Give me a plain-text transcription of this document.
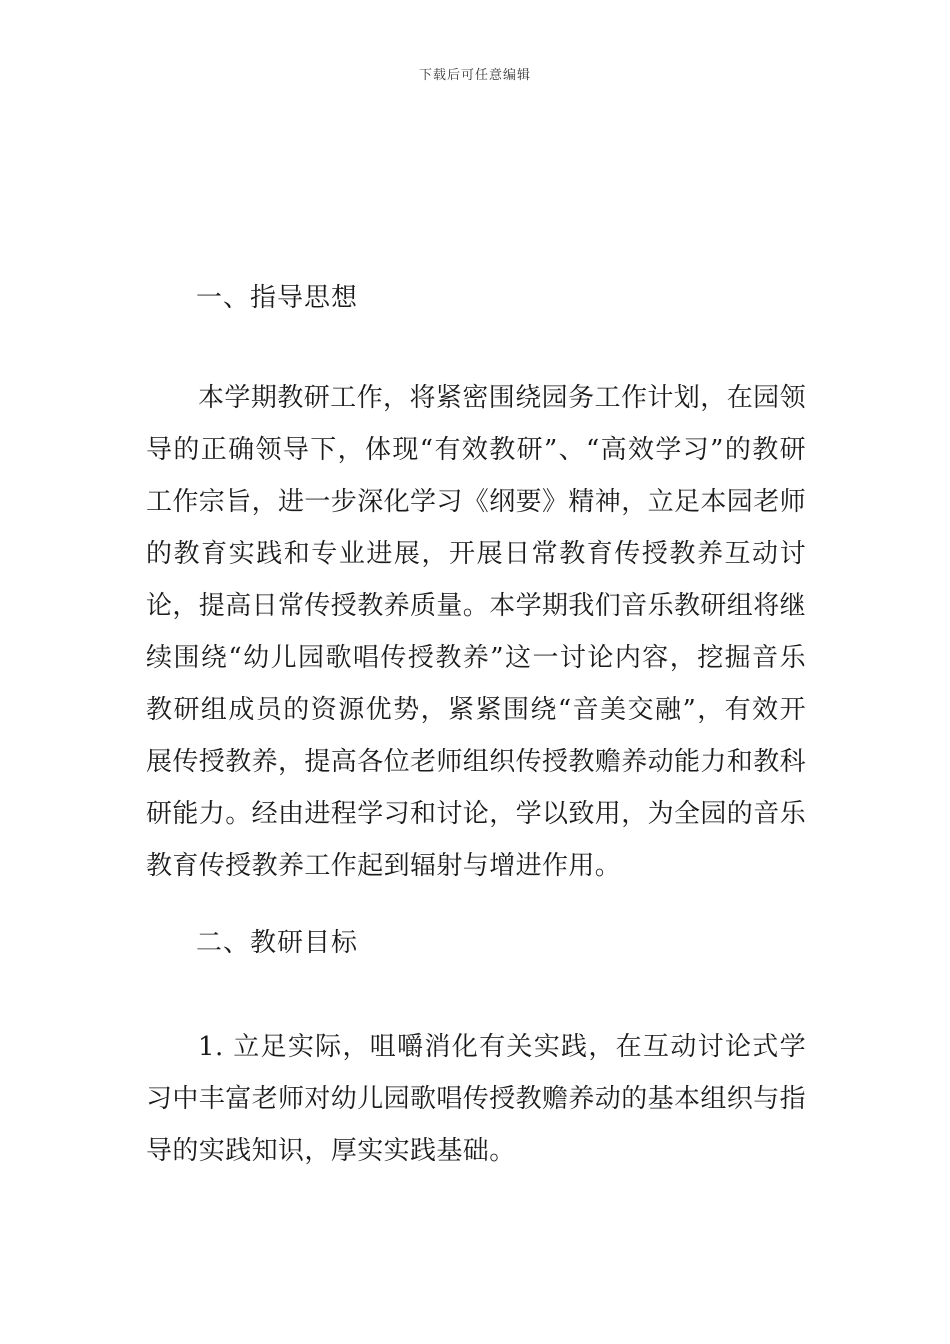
下载后可任意编辑
一、指导思想

本学期教研工作，将紧密围绕园务工作计划，在园领导的正确领导下，体现“有效教研”、“高效学习”的教研工作宗旨，进一步深化学习《纲要》精神，立足本园老师的教育实践和专业进展，开展日常教育传授教养互动讨论，提高日常传授教养质量。本学期我们音乐教研组将继续围绕“幼儿园歌唱传授教养”这一讨论内容，挖掘音乐教研组成员的资源优势，紧紧围绕“音美交融”，有效开展传授教养，提高各位老师组织传授教赡养动能力和教科研能力。经由进程学习和讨论，学以致用，为全园的音乐教育传授教养工作起到辐射与增进作用。

二、教研目标

1. 立足实际，咀嚼消化有关实践，在互动讨论式学习中丰富老师对幼儿园歌唱传授教赡养动的基本组织与指导的实践知识，厚实实践基础。
